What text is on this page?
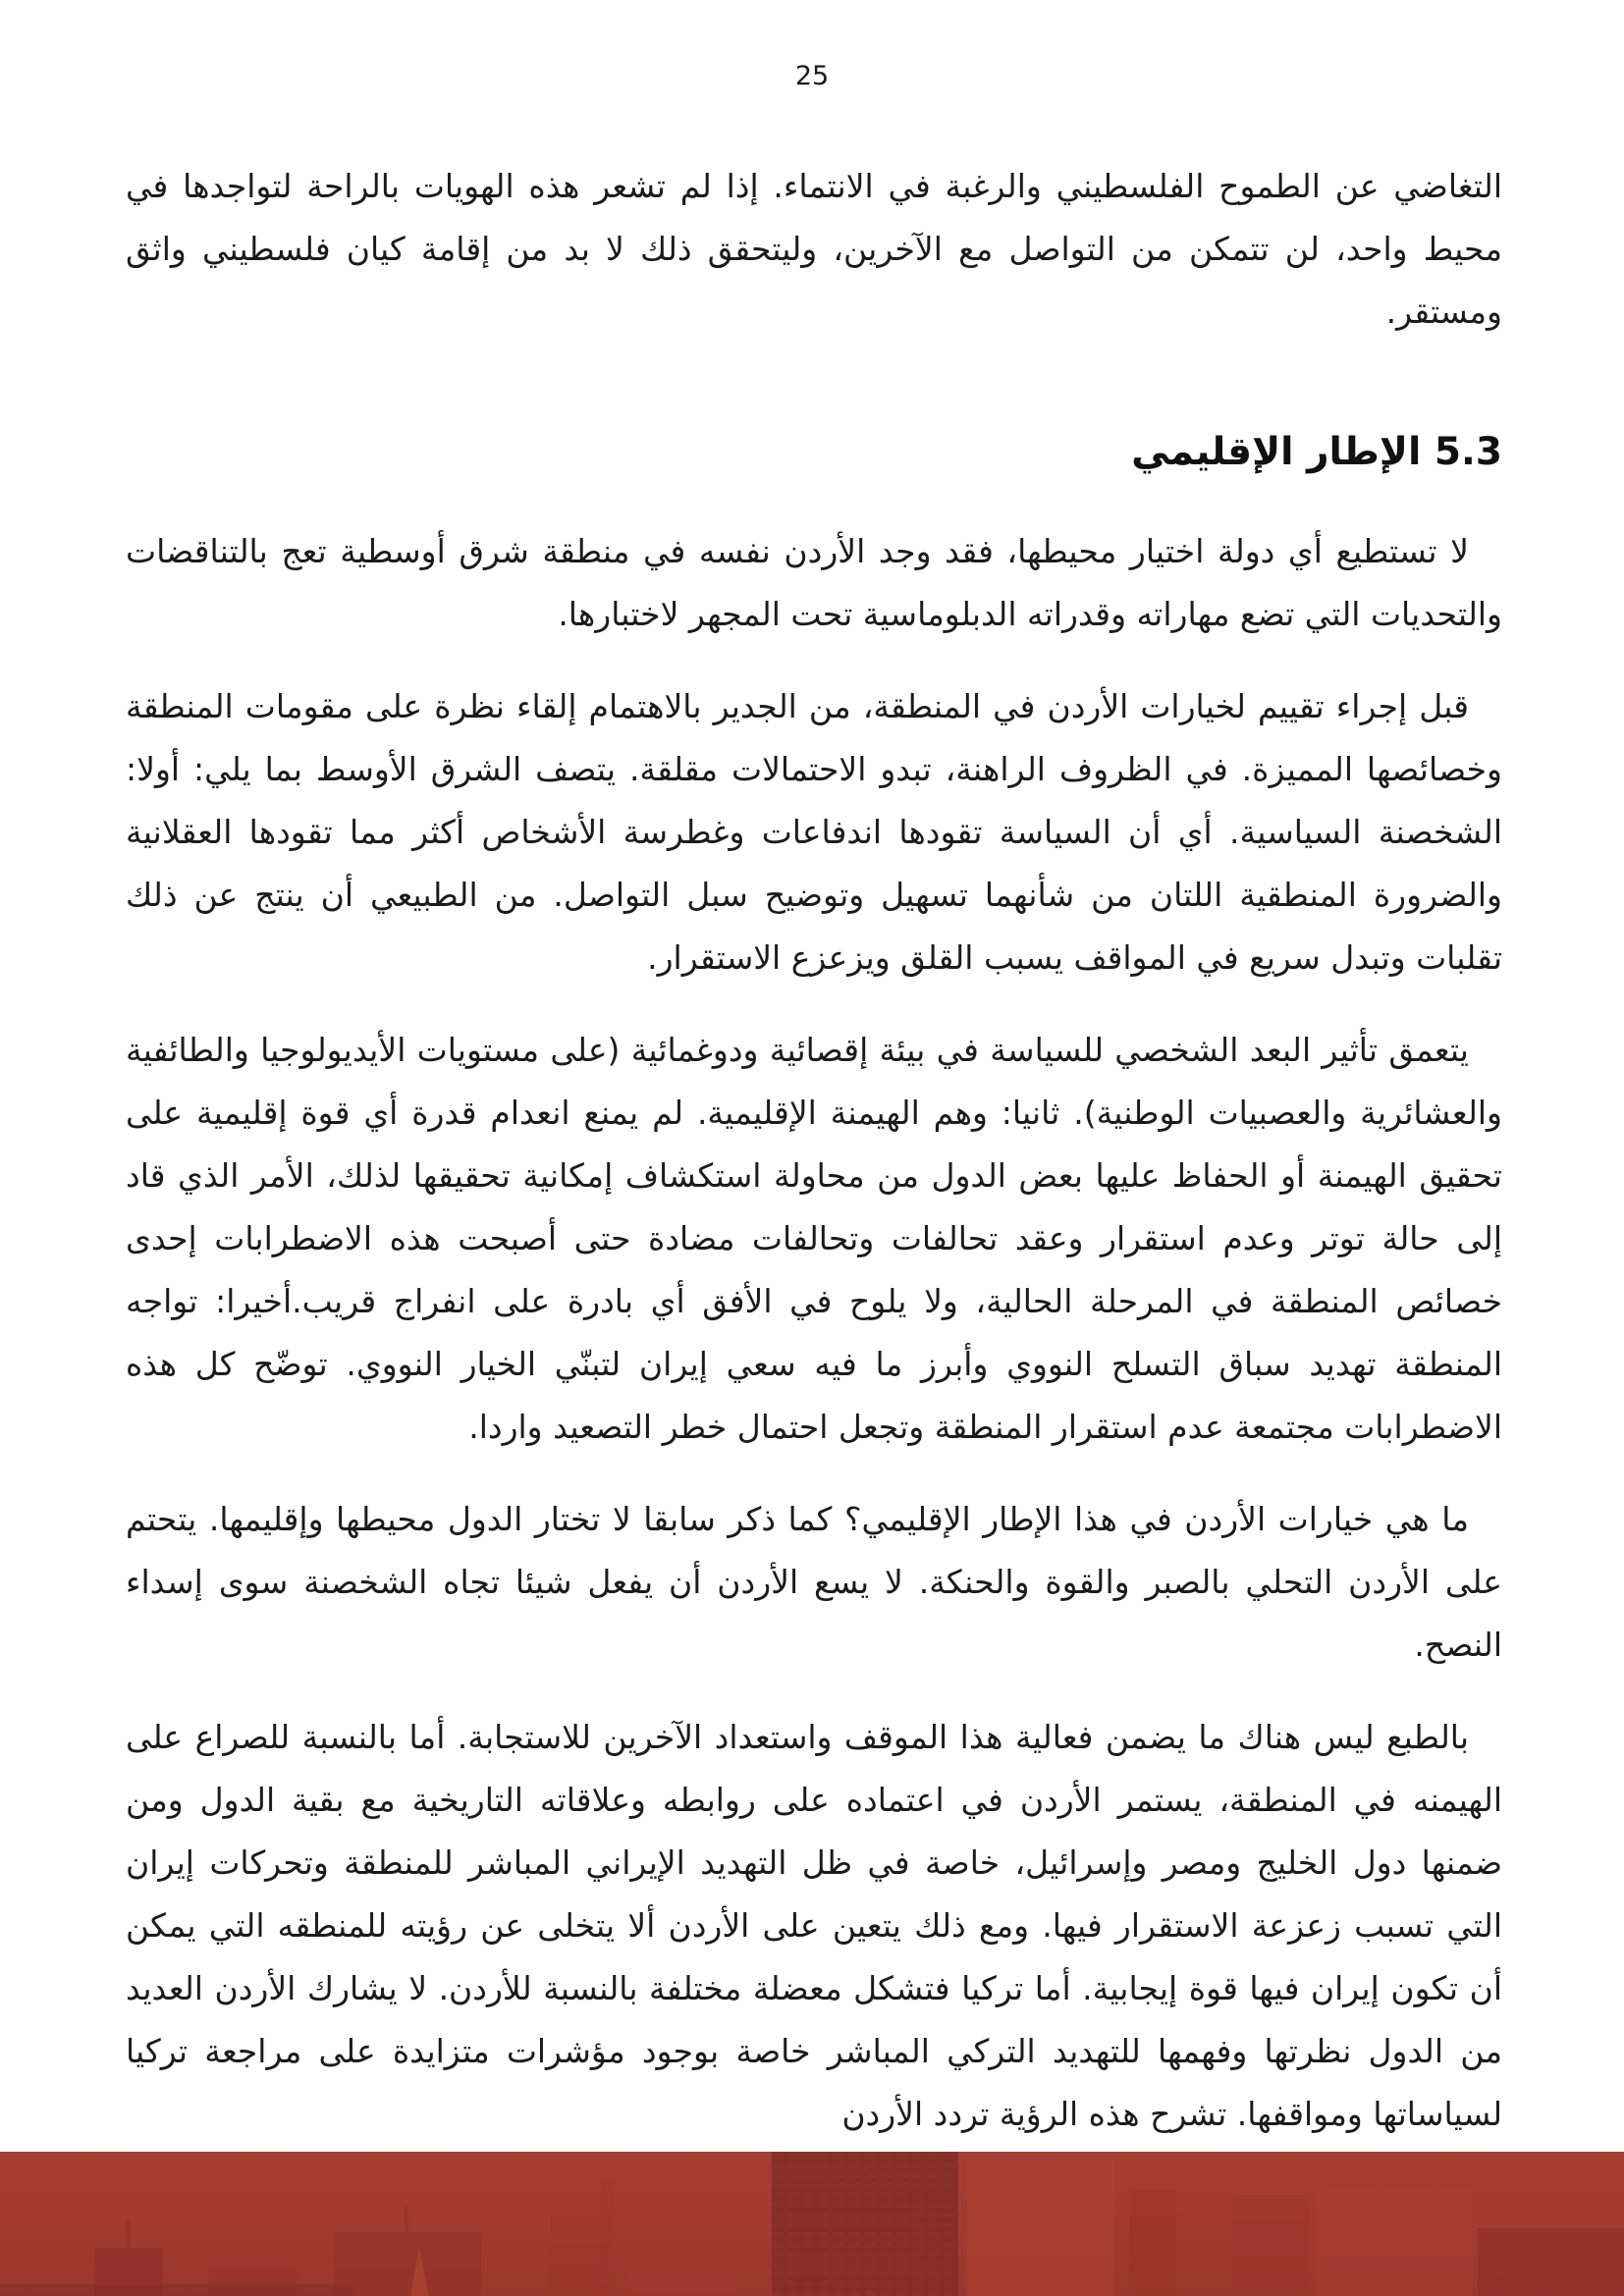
25

التغاضي عن الطموح الفلسطيني والرغبة في الانتماء. إذا لم تشعر هذه الهويات بالراحة لتواجدها في محيط واحد، لن تتمكن من التواصل مع الآخرين، وليتحقق ذلك لا بد من إقامة كيان فلسطيني واثق ومستقر.

5.3 الإطار الإقليمي

لا تستطيع أي دولة اختيار محيطها، فقد وجد الأردن نفسه في منطقة شرق أوسطية تعج بالتناقضات والتحديات التي تضع مهاراته وقدراته الدبلوماسية تحت المجهر لاختبارها.

قبل إجراء تقييم لخيارات الأردن في المنطقة، من الجدير بالاهتمام إلقاء نظرة على مقومات المنطقة وخصائصها المميزة. في الظروف الراهنة، تبدو الاحتمالات مقلقة. يتصف الشرق الأوسط بما يلي: أولا: الشخصنة السياسية. أي أن السياسة تقودها اندفاعات وغطرسة الأشخاص أكثر مما تقودها العقلانية والضرورة المنطقية اللتان من شأنهما تسهيل وتوضيح سبل التواصل. من الطبيعي أن ينتج عن ذلك تقلبات وتبدل سريع في المواقف يسبب القلق ويزعزع الاستقرار.

يتعمق تأثير البعد الشخصي للسياسة في بيئة إقصائية ودوغمائية (على مستويات الأيديولوجيا والطائفية والعشائرية والعصبيات الوطنية). ثانيا: وهم الهيمنة الإقليمية. لم يمنع انعدام قدرة أي قوة إقليمية على تحقيق الهيمنة أو الحفاظ عليها بعض الدول من محاولة استكشاف إمكانية تحقيقها لذلك، الأمر الذي قاد إلى حالة توتر وعدم استقرار وعقد تحالفات وتحالفات مضادة حتى أصبحت هذه الاضطرابات إحدى خصائص المنطقة في المرحلة الحالية، ولا يلوح في الأفق أي بادرة على انفراج قريب.أخيرا: تواجه المنطقة تهديد سباق التسلح النووي وأبرز ما فيه سعي إيران لتبنّي الخيار النووي. توضّح كل هذه الاضطرابات مجتمعة عدم استقرار المنطقة وتجعل احتمال خطر التصعيد واردا.

ما هي خيارات الأردن في هذا الإطار الإقليمي؟ كما ذكر سابقا لا تختار الدول محيطها وإقليمها. يتحتم على الأردن التحلي بالصبر والقوة والحنكة. لا يسع الأردن أن يفعل شيئا تجاه الشخصنة سوى إسداء النصح.

بالطبع ليس هناك ما يضمن فعالية هذا الموقف واستعداد الآخرين للاستجابة. أما بالنسبة للصراع على الهيمنه في المنطقة، يستمر الأردن في اعتماده على روابطه وعلاقاته التاريخية مع بقية الدول ومن ضمنها دول الخليج ومصر وإسرائيل، خاصة في ظل التهديد الإيراني المباشر للمنطقة وتحركات إيران التي تسبب زعزعة الاستقرار فيها. ومع ذلك يتعين على الأردن ألا يتخلى عن رؤيته للمنطقه التي يمكن أن تكون إيران فيها قوة إيجابية. أما تركيا فتشكل معضلة مختلفة بالنسبة للأردن. لا يشارك الأردن العديد من الدول نظرتها وفهمها للتهديد التركي المباشر خاصة بوجود مؤشرات متزايدة على مراجعة تركيا لسياساتها ومواقفها. تشرح هذه الرؤية تردد الأردن
